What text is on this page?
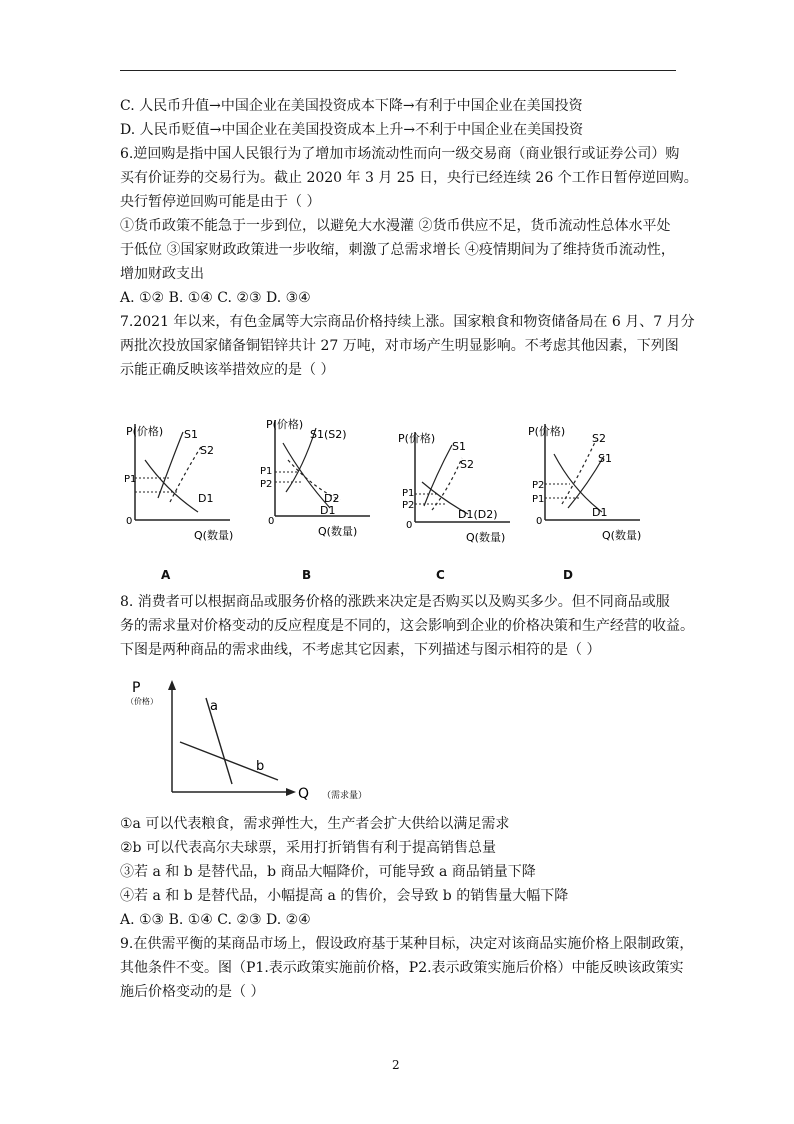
C. 人民币升值→中国企业在美国投资成本下降→有利于中国企业在美国投资
D. 人民币贬值→中国企业在美国投资成本上升→不利于中国企业在美国投资
6.逆回购是指中国人民银行为了增加市场流动性而向一级交易商（商业银行或证券公司）购
买有价证券的交易行为。截止 2020 年 3 月 25 日，央行已经连续 26 个工作日暂停逆回购。
央行暂停逆回购可能是由于（ ）
①货币政策不能急于一步到位，以避免大水漫灌 ②货币供应不足，货币流动性总体水平处
于低位 ③国家财政政策进一步收缩，刺激了总需求增长 ④疫情期间为了维持货币流动性，
增加财政支出
A. ①② B. ①④ C. ②③ D. ③④
7.2021 年以来，有色金属等大宗商品价格持续上涨。国家粮食和物资储备局在 6 月、7 月分
两批次投放国家储备铜铝锌共计 27 万吨，对市场产生明显影响。不考虑其他因素，下列图
示能正确反映该举措效应的是（ ）
P(价格)
Q(数量)
0
S1
S2
D1
P1
P(价格)
Q(数量)
0
S1(S2)
D2
D1
P1
P2
P(价格)
Q(数量)
0
S1
S2
D1(D2)
P1
P2
P(价格)
Q(数量)
0
S2
S1
D1
P2
P1
A	B	C	D
8. 消费者可以根据商品或服务价格的涨跌来决定是否购买以及购买多少。但不同商品或服
务的需求量对价格变动的反应程度是不同的，这会影响到企业的价格决策和生产经营的收益。
下图是两种商品的需求曲线，不考虑其它因素，下列描述与图示相符的是（ ）
P
（价格）
Q （需求量）
a
b
①a 可以代表粮食，需求弹性大，生产者会扩大供给以满足需求
②b 可以代表高尔夫球票，采用打折销售有利于提高销售总量
③若 a 和 b 是替代品，b 商品大幅降价，可能导致 a 商品销量下降
④若 a 和 b 是替代品，小幅提高 a 的售价，会导致 b 的销售量大幅下降
A. ①③ B. ①④ C. ②③ D. ②④
9.在供需平衡的某商品市场上，假设政府基于某种目标，决定对该商品实施价格上限制政策，
其他条件不变。图（P1.表示政策实施前价格，P2.表示政策实施后价格）中能反映该政策实
施后价格变动的是（ ）
2
